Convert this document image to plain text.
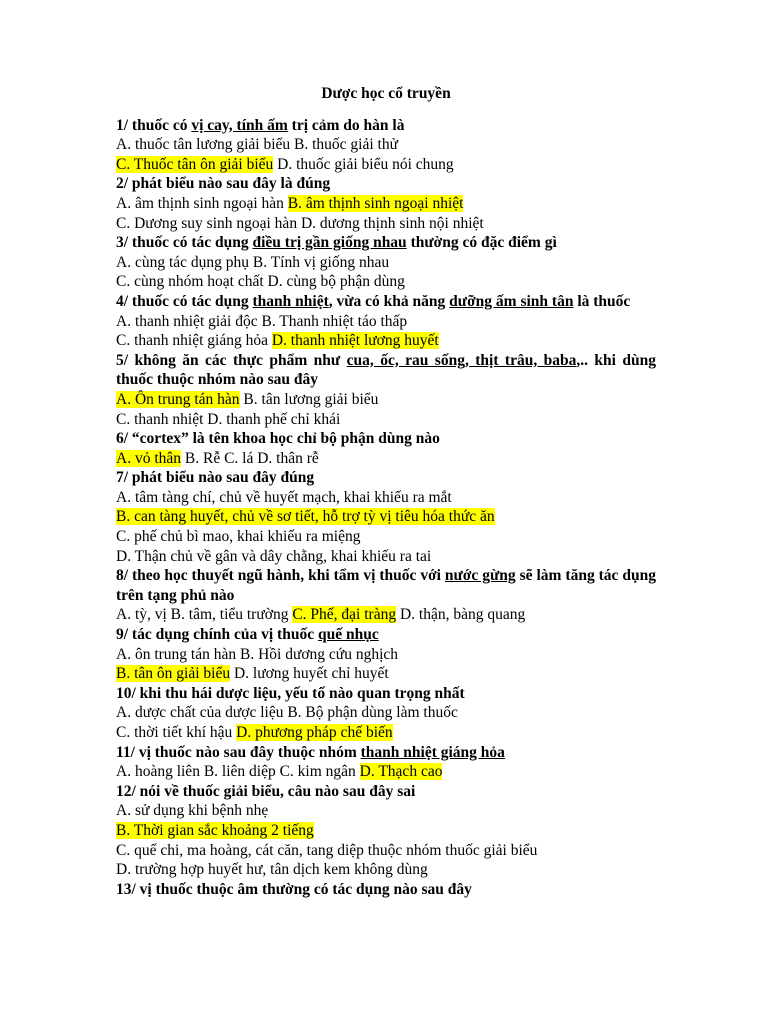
Dược học cổ truyền
1/ thuốc có vị cay, tính ấm trị cảm do hàn là
A. thuốc tân lương giải biểu B. thuốc giải thử
C. Thuốc tân ôn giải biểu D. thuốc giải biểu nói chung
2/ phát biểu nào sau đây là đúng
A. âm thịnh sinh ngoại hàn B. âm thịnh sinh ngoại nhiệt
C. Dương suy sinh ngoại hàn D. dương thịnh sinh nội nhiệt
3/ thuốc có tác dụng điều trị gần giống nhau thường có đặc điểm gì
A. cùng tác dụng phụ B. Tính vị giống nhau
C. cùng nhóm hoạt chất D. cùng bộ phận dùng
4/ thuốc có tác dụng thanh nhiệt, vừa có khả năng dưỡng ấm sinh tân là thuốc
A. thanh nhiệt giải độc B. Thanh nhiệt táo thấp
C. thanh nhiệt giáng hỏa D. thanh nhiệt lương huyết
5/ không ăn các thực phẩm như cua, ốc, rau sống, thịt trâu, baba,.. khi dùng thuốc thuộc nhóm nào sau đây
A. Ôn trung tán hàn B. tân lương giải biểu
C. thanh nhiệt D. thanh phế chỉ khái
6/ “cortex” là tên khoa học chỉ bộ phận dùng nào
A. vỏ thân B. Rễ C. lá D. thân rễ
7/ phát biểu nào sau đây đúng
A. tâm tàng chí, chủ về huyết mạch, khai khiếu ra mắt
B. can tàng huyết, chủ về sơ tiết, hỗ trợ tỳ vị tiêu hóa thức ăn
C. phế chủ bì mao, khai khiếu ra miệng
D. Thận chủ về gân và dây chằng, khai khiếu ra tai
8/ theo học thuyết ngũ hành, khi tẩm vị thuốc với nước gừng sẽ làm tăng tác dụng trên tạng phủ nào
A. tỳ, vị B. tâm, tiểu trường C. Phế, đại tràng D. thận, bàng quang
9/ tác dụng chính của vị thuốc quế nhục
A. ôn trung tán hàn B. Hồi dương cứu nghịch
B. tân ôn giải biểu D. lương huyết chỉ huyết
10/ khi thu hái dược liệu, yếu tố nào quan trọng nhất
A. dược chất của dược liệu B. Bộ phận dùng làm thuốc
C. thời tiết khí hậu D. phương pháp chế biến
11/ vị thuốc nào sau đây thuộc nhóm thanh nhiệt giáng hỏa
A. hoàng liên B. liên diệp C. kim ngân D. Thạch cao
12/ nói về thuốc giải biểu, câu nào sau đây sai
A. sử dụng khi bệnh nhẹ
B. Thời gian sắc khoảng 2 tiếng
C. quế chi, ma hoàng, cát căn, tang diệp thuộc nhóm thuốc giải biểu
D. trường hợp huyết hư, tân dịch kem không dùng
13/ vị thuốc thuộc âm thường có tác dụng nào sau đây
